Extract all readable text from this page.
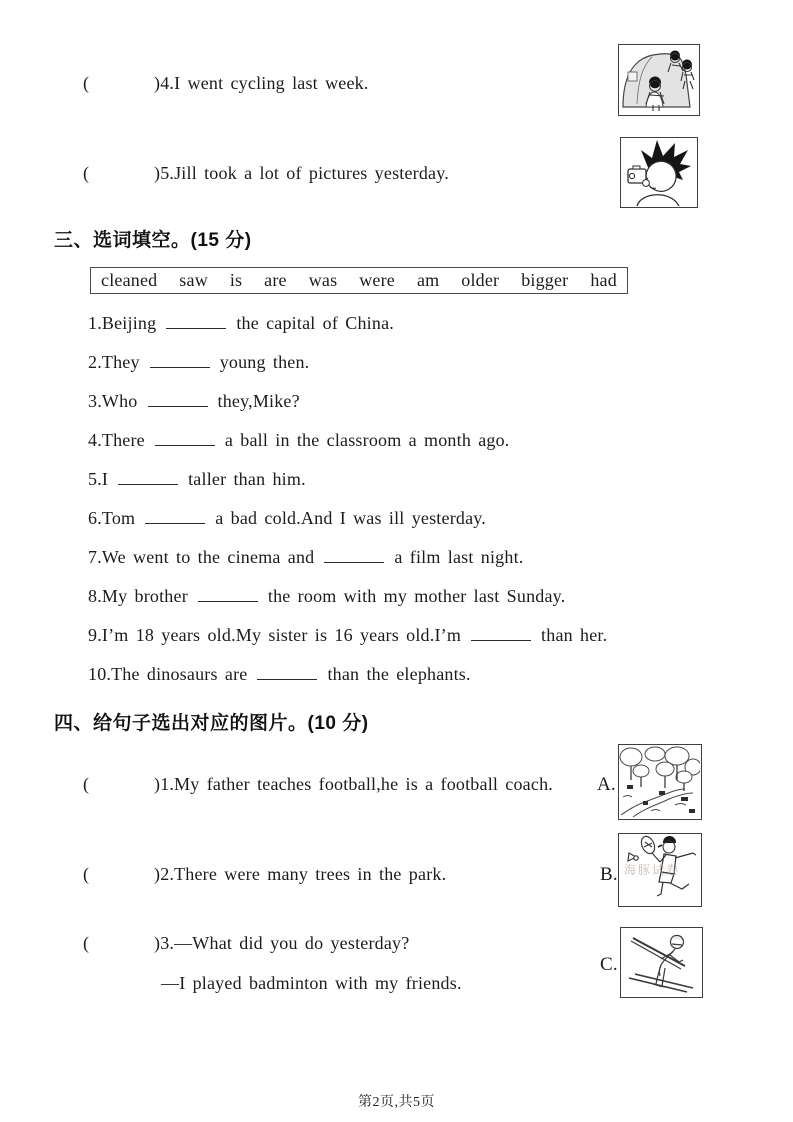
(         )4.I went cycling last week.
(         )5.Jill took a lot of pictures yesterday.
三、选词填空。(15 分)
cleaned saw is are was were am older bigger had
1.Beijing	the capital of China.
2.They	young then.
3.Who	they,Mike?
4.There	a ball in the classroom a month ago.
5.I	taller than him.
6.Tom	a bad cold.And I was ill yesterday.
7.We went to the cinema and	a film last night.
8.My brother	the room with my mother last Sunday.
9.I’m 18 years old.My sister is 16 years old.I’m	than her.
10.The dinosaurs are	than the elephants.
四、给句子选出对应的图片。(10 分)
(         )1.My father teaches football,he is a football coach. A.
(         )2.There were many trees in the park.	B. 海豚试卷
(         )3.—What did you do yesterday?
—I played badminton with my friends.
C.
第2页,共5页
